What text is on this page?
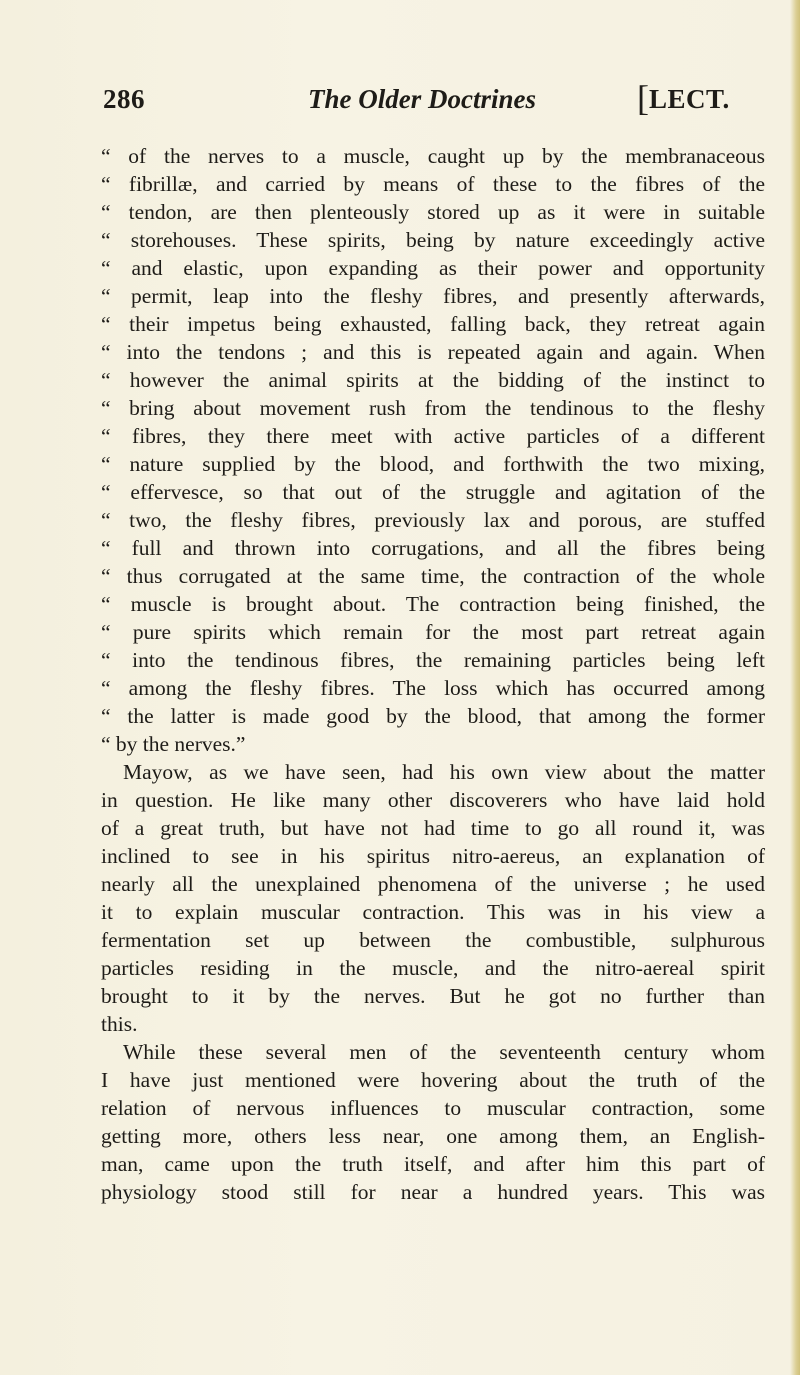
286	The Older Doctrines	[ LECT.
“ of the nerves to a muscle, caught up by the membranaceous
“ fibrillæ, and carried by means of these to the fibres of the
“ tendon, are then plenteously stored up as it were in suitable
“ storehouses. These spirits, being by nature exceedingly active
“ and elastic, upon expanding as their power and opportunity
“ permit, leap into the fleshy fibres, and presently afterwards,
“ their impetus being exhausted, falling back, they retreat again
“ into the tendons ; and this is repeated again and again. When
“ however the animal spirits at the bidding of the instinct to
“ bring about movement rush from the tendinous to the fleshy
“ fibres, they there meet with active particles of a different
“ nature supplied by the blood, and forthwith the two mixing,
“ effervesce, so that out of the struggle and agitation of the
“ two, the fleshy fibres, previously lax and porous, are stuffed
“ full and thrown into corrugations, and all the fibres being
“ thus corrugated at the same time, the contraction of the whole
“ muscle is brought about. The contraction being finished, the
“ pure spirits which remain for the most part retreat again
“ into the tendinous fibres, the remaining particles being left
“ among the fleshy fibres. The loss which has occurred among
“ the latter is made good by the blood, that among the former
“ by the nerves.”
Mayow, as we have seen, had his own view about the matter
in question. He like many other discoverers who have laid hold
of a great truth, but have not had time to go all round it, was
inclined to see in his spiritus nitro-aereus, an explanation of
nearly all the unexplained phenomena of the universe ; he used
it to explain muscular contraction. This was in his view a
fermentation set up between the combustible, sulphurous
particles residing in the muscle, and the nitro-aereal spirit
brought to it by the nerves. But he got no further than
this.
While these several men of the seventeenth century whom
I have just mentioned were hovering about the truth of the
relation of nervous influences to muscular contraction, some
getting more, others less near, one among them, an English-
man, came upon the truth itself, and after him this part of
physiology stood still for near a hundred years. This was
